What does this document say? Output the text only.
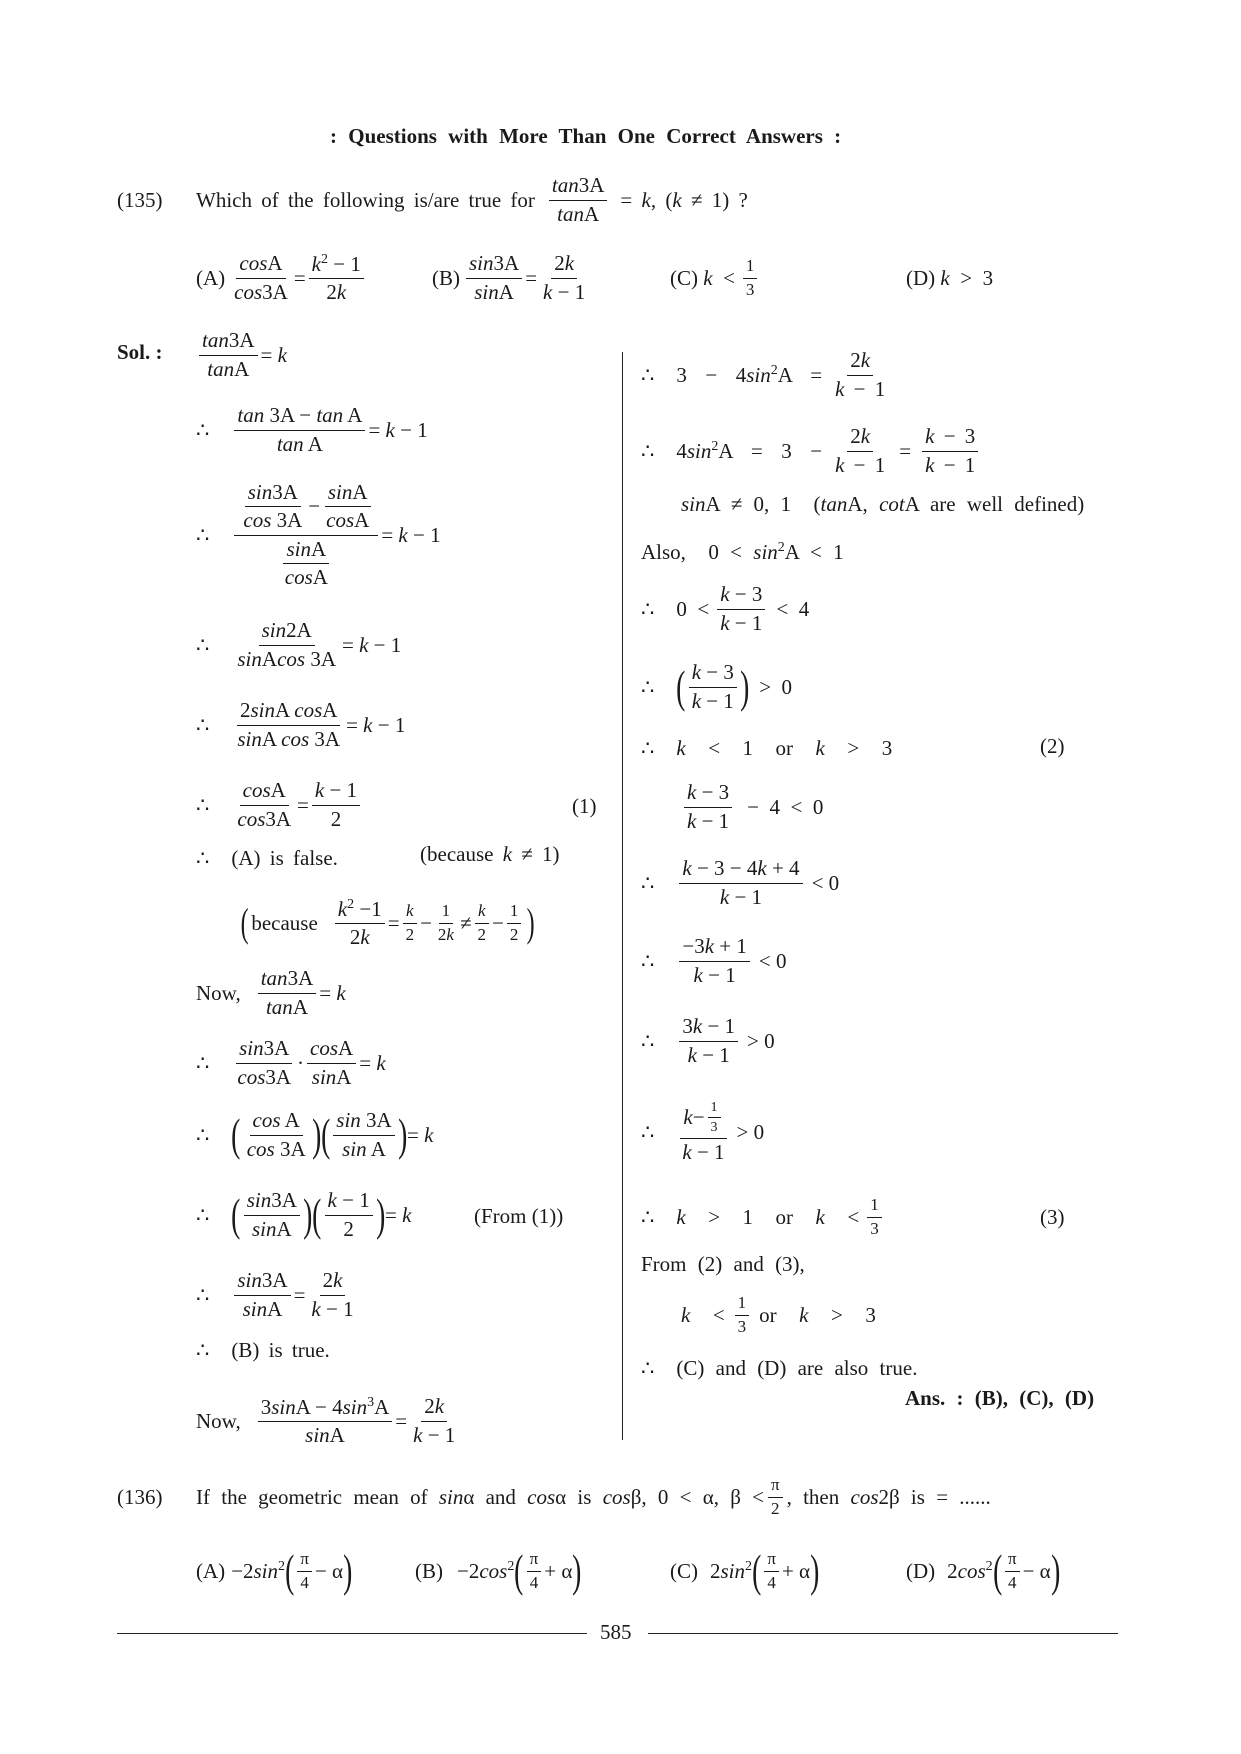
: Questions with More Than One Correct Answers :
(135) Which of the following is/are true for $\frac{\tan 3A}{\tan A} = k$, (k ≠ 1) ?
$(A) \frac{\cos A}{\cos 3A} = \frac{k^2 - 1}{2k}$	$(B) \frac{\sin 3A}{\sin A} = \frac{2k}{k - 1}$	(C) k  <
1
3	(D) k  >  3
Sol. : $\frac{\tan 3A}{\tan A} = k$
∴ $\frac{\text{tan 3A − tan A}}{\text{tan A}} = k - 1$
∴ sin3A
cos 3A
−
sinA
cosA
$\frac{\sin A}{\cos A} = k - 1$
∴ $\frac{\sin 2A}{\text{sinAcos 3A}} = k - 1$
∴ $\frac{\text{2sinA cosA}}{\text{sinA cos 3A}} = k - 1$
∴ $\frac{\cos A}{\cos 3A} = \frac{k - 1}{2}$	(1)
∴ (A) is false.	(because k ≠ 1)
( because $\frac{k^2 -1}{2k} = \frac{k}{2} - \frac{1}{2k}$ ≠
k
$2 - \frac{1}{2}$ )
Now, $\frac{\tan 3A}{\tan A} = k$
∴
sin3A
cos3A
· $\frac{\cos A}{\sin A} = k$
∴ ( cos A
cos 3A ) ( sin 3A
sin A ) = k
∴ ( sin3A
sinA ) ( k − 1
2 ) = k	(From (1))
∴ $\frac{\sin 3A}{\sin A} = \frac{2k}{k - 1}$
∴ (B) is true.
Now, $\frac{3\sin A - 4\sin^3A}{\sin A} = \frac{2k}{k - 1}$
∴ $3 - 4\sin^2A = \frac{2k}{k - 1}$
∴ $4\sin^2A = 3 - \frac{2k}{k - 1} = \frac{k - 3}{k - 1}$
sinA ≠ 0, 1  (tanA, cotA are well defined)
Also,  $0 < \sin^2A < 1$
∴ 0  <
k − 3
k − 1
<  4
∴ ( k − 3
k − 1 ) >  0
∴ k  <  1  or  k  >  3	(2)
k − 3
k − 1
−  4  <  0
∴
k − 3 − 4k + 4
k − 1
< 0
∴
−3k + 1
k − 1
< 0
∴
3k − 1
k − 1
> 0
∴
k − 1
3
k − 1
> 0
∴ k  >  1  or  k  <
1
3	(3)
From (2) and (3),
k  <
1
3 or  k  >  3
∴ (C) and (D) are also true.
Ans. : (B), (C), (D)
(136) If the geometric mean of sinα and cosα is cosβ, 0 < α, β <
π
2 , then cos2β is = ......
$(A) -2\sin^2$ ( π
4 − α )	$(B) -2\cos^2$ ( π
4 + α )	(C) $2\sin^2$ ( π
4 + α )	(D) $2\cos^2$ ( π
4 − α )
585
